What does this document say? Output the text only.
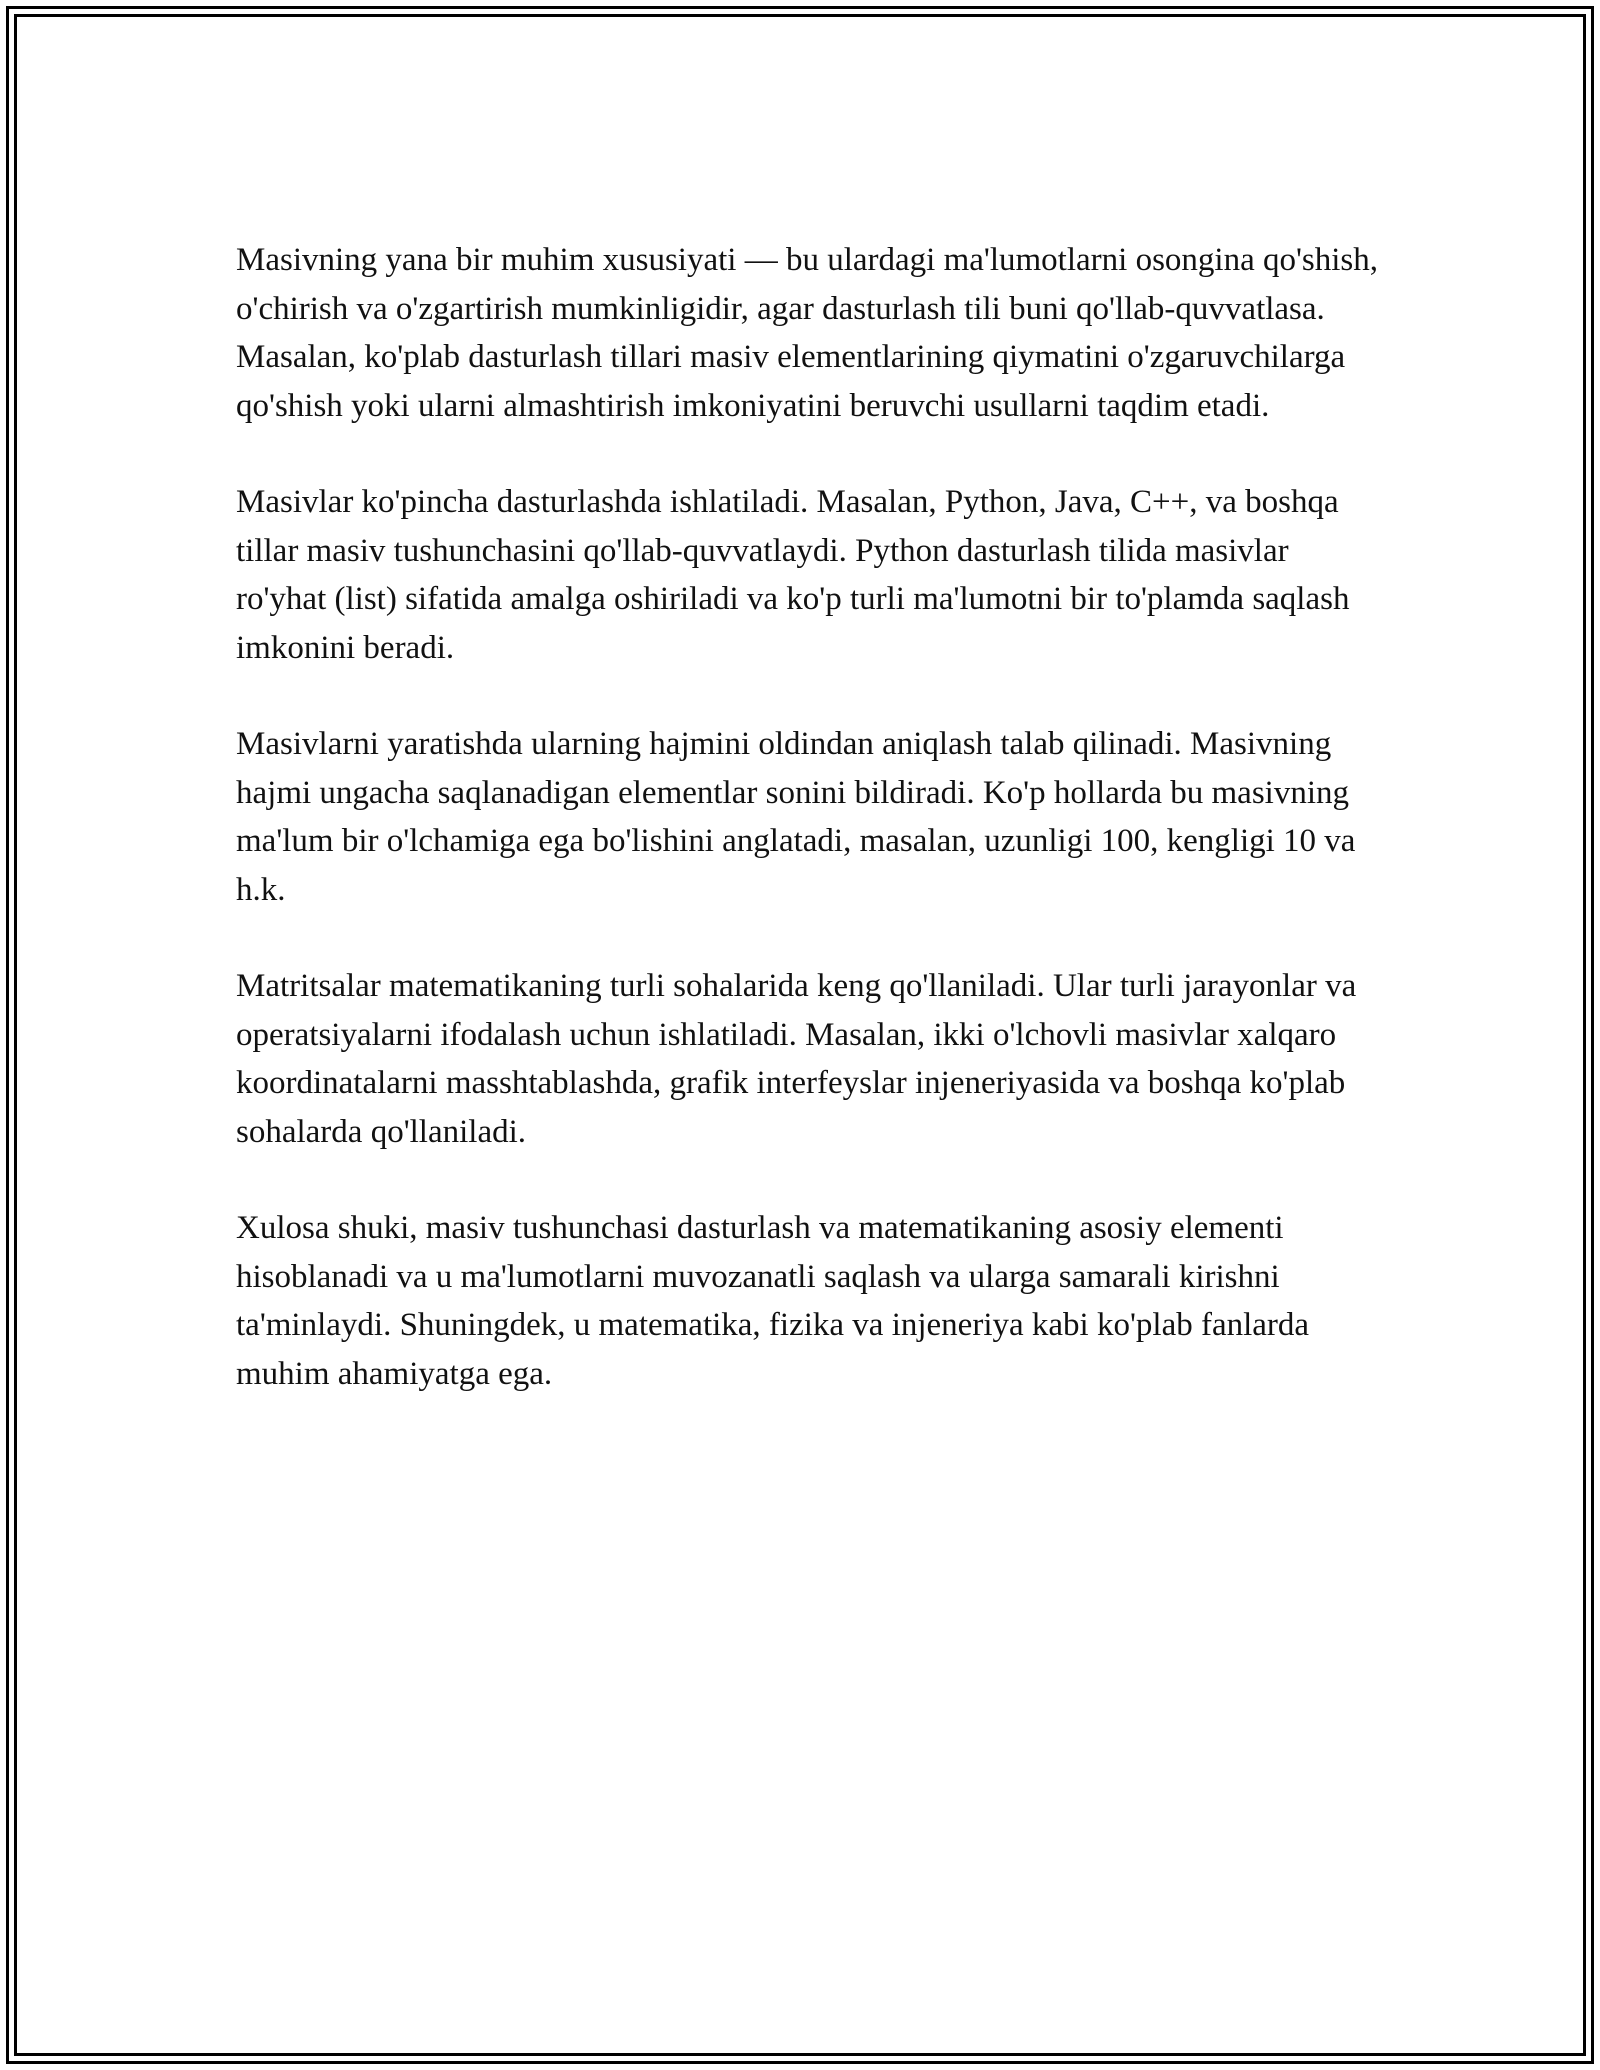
Masivning yana bir muhim xususiyati — bu ulardagi ma'lumotlarni osongina qo'shish, o'chirish va o'zgartirish mumkinligidir, agar dasturlash tili buni qo'llab-quvvatlasa. Masalan, ko'plab dasturlash tillari masiv elementlarining qiymatini o'zgaruvchilarga qo'shish yoki ularni almashtirish imkoniyatini beruvchi usullarni taqdim etadi.

Masivlar ko'pincha dasturlashda ishlatiladi. Masalan, Python, Java, C++, va boshqa tillar masiv tushunchasini qo'llab-quvvatlaydi. Python dasturlash tilida masivlar ro'yhat (list) sifatida amalga oshiriladi va ko'p turli ma'lumotni bir to'plamda saqlash imkonini beradi.

Masivlarni yaratishda ularning hajmini oldindan aniqlash talab qilinadi. Masivning hajmi ungacha saqlanadigan elementlar sonini bildiradi. Ko'p hollarda bu masivning ma'lum bir o'lchamiga ega bo'lishini anglatadi, masalan, uzunligi 100, kengligi 10 va h.k.

Matritsalar matematikaning turli sohalarida keng qo'llaniladi. Ular turli jarayonlar va operatsiyalarni ifodalash uchun ishlatiladi. Masalan, ikki o'lchovli masivlar xalqaro koordinatalarni masshtablashda, grafik interfeyslar injeneriyasida va boshqa ko'plab sohalarda qo'llaniladi.

Xulosa shuki, masiv tushunchasi dasturlash va matematikaning asosiy elementi hisoblanadi va u ma'lumotlarni muvozanatli saqlash va ularga samarali kirishni ta'minlaydi. Shuningdek, u matematika, fizika va injeneriya kabi ko'plab fanlarda muhim ahamiyatga ega.
